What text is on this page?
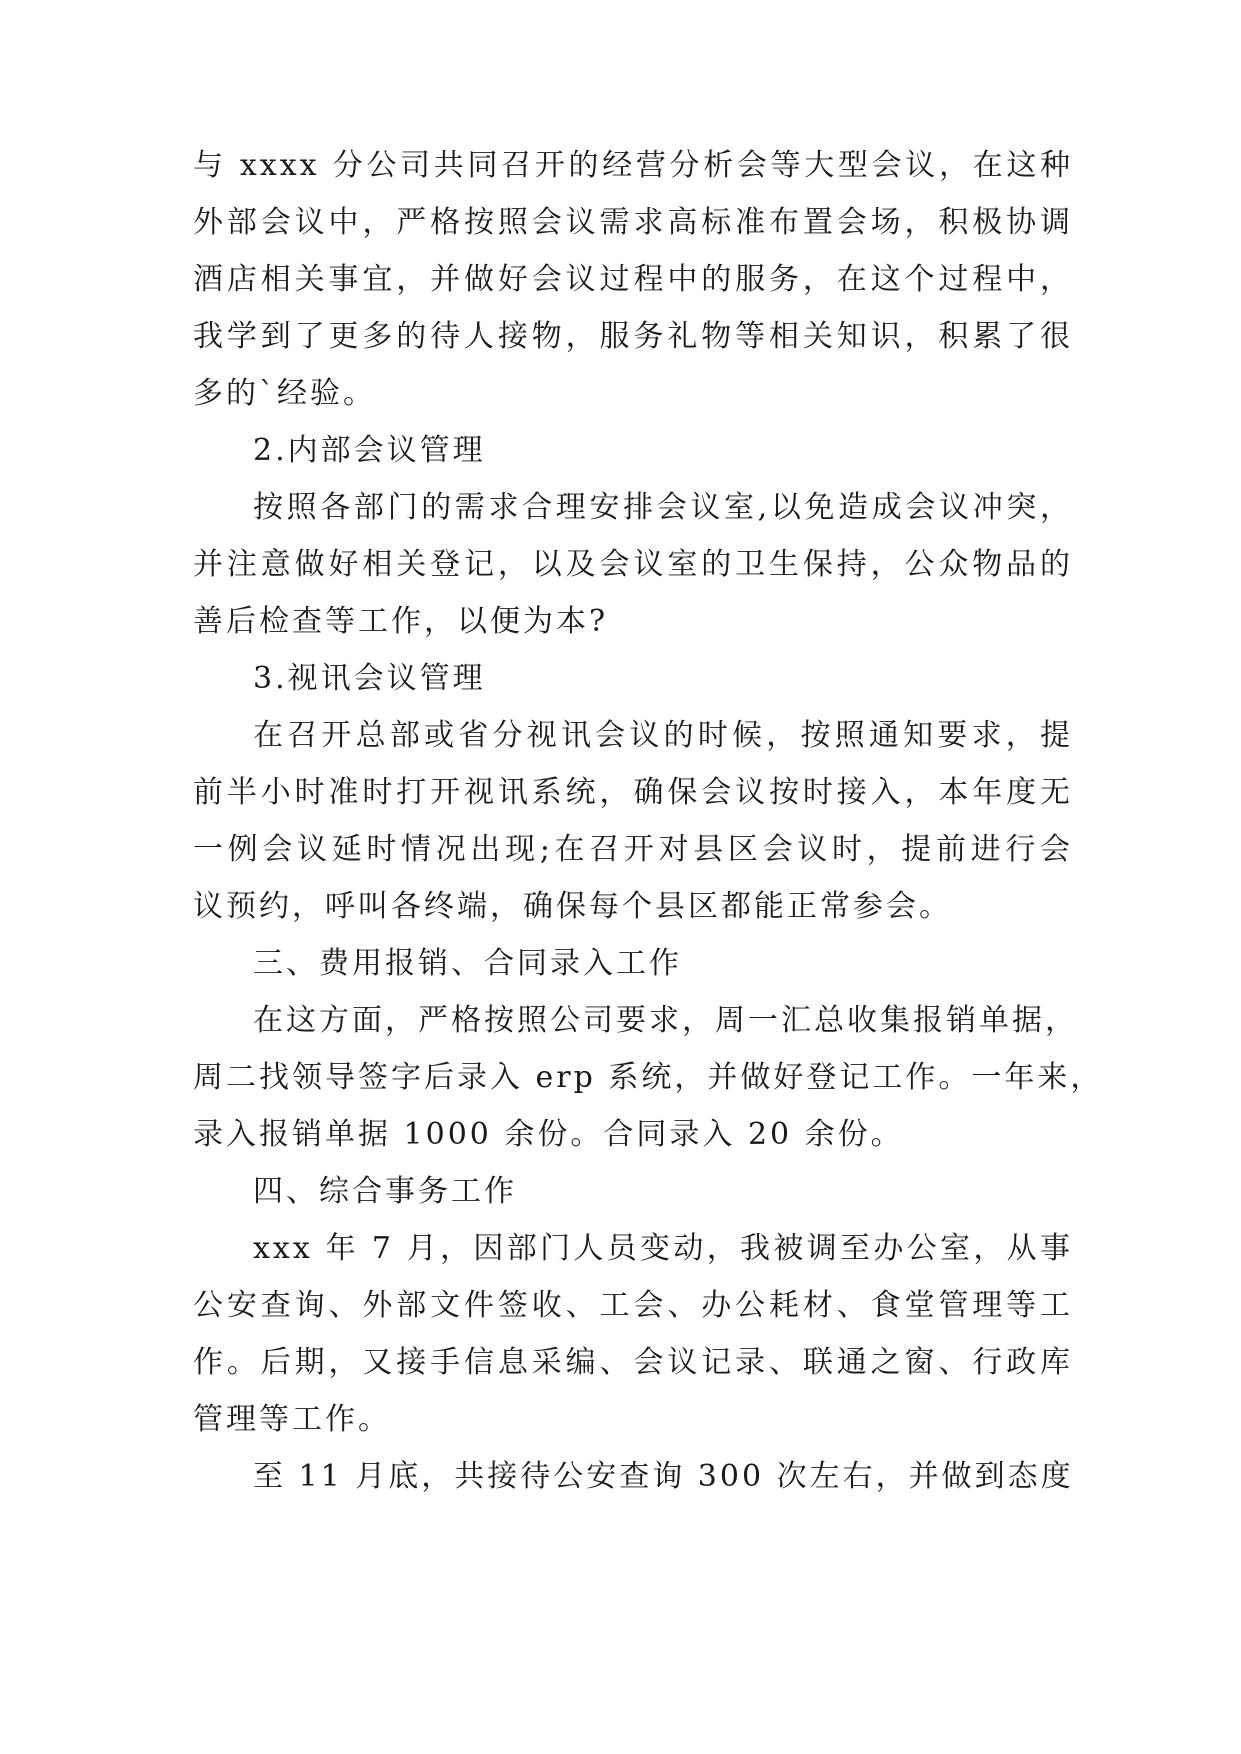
与 xxxx 分公司共同召开的经营分析会等大型会议，在这种
外部会议中，严格按照会议需求高标准布置会场，积极协调
酒店相关事宜，并做好会议过程中的服务，在这个过程中，
我学到了更多的待人接物，服务礼物等相关知识，积累了很
多的`经验。
2.内部会议管理
按照各部门的需求合理安排会议室,以免造成会议冲突，
并注意做好相关登记，以及会议室的卫生保持，公众物品的
善后检查等工作，以便为本?
3.视讯会议管理
在召开总部或省分视讯会议的时候，按照通知要求，提
前半小时准时打开视讯系统，确保会议按时接入，本年度无
一例会议延时情况出现;在召开对县区会议时，提前进行会
议预约，呼叫各终端，确保每个县区都能正常参会。
三、费用报销、合同录入工作
在这方面，严格按照公司要求，周一汇总收集报销单据，
周二找领导签字后录入 erp 系统，并做好登记工作。一年来，
录入报销单据 1000 余份。合同录入 20 余份。
四、综合事务工作
xxx 年 7 月，因部门人员变动，我被调至办公室，从事
公安查询、外部文件签收、工会、办公耗材、食堂管理等工
作。后期，又接手信息采编、会议记录、联通之窗、行政库
管理等工作。
至 11 月底，共接待公安查询 300 次左右，并做到态度
